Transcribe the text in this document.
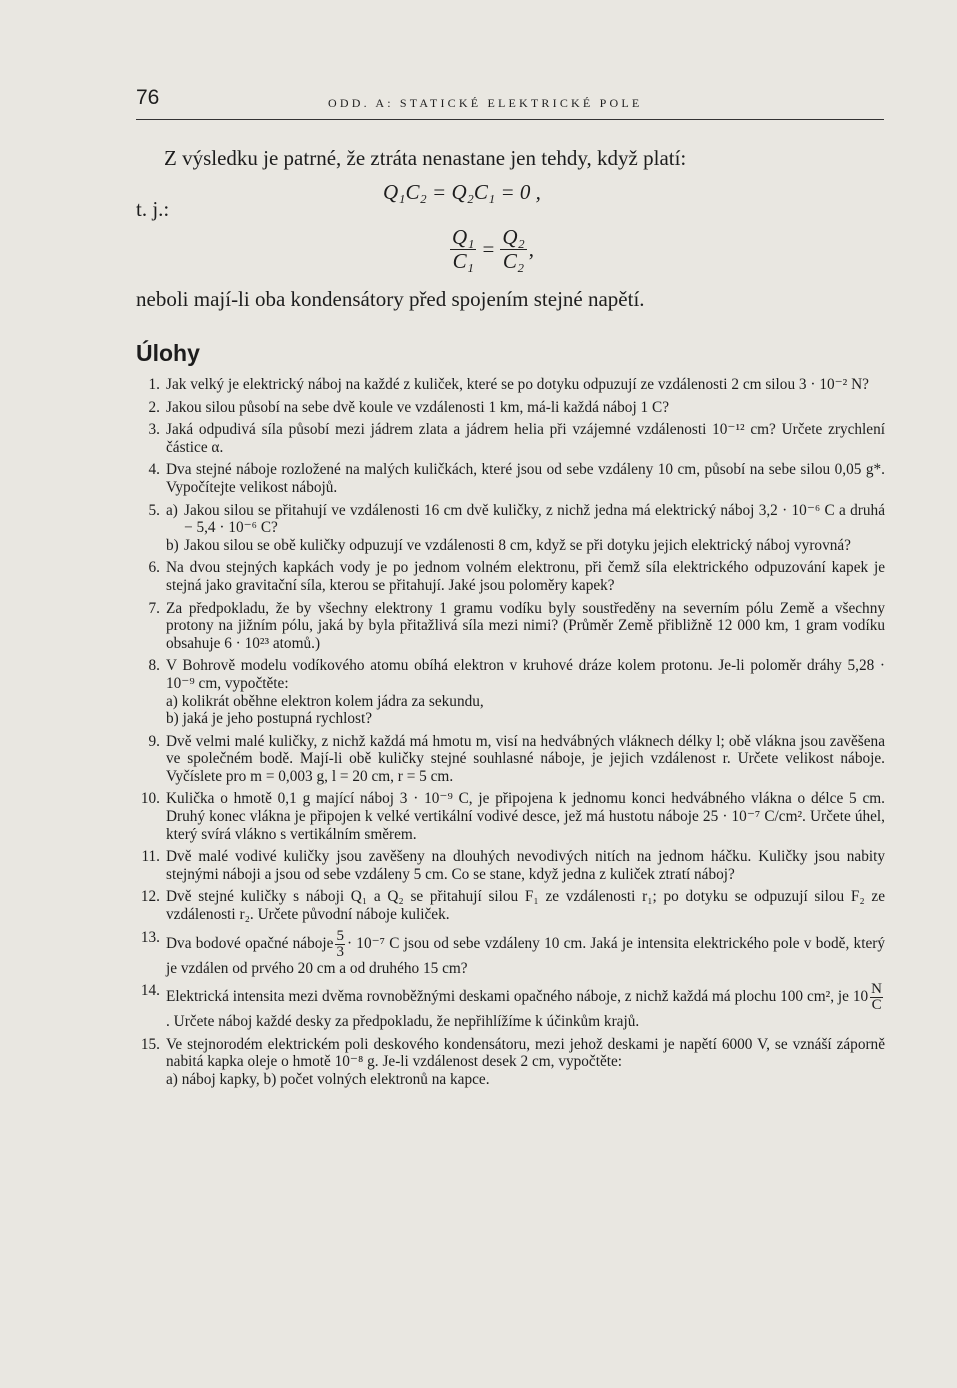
76	ODD. A: STATICKÉ ELEKTRICKÉ POLE
Z výsledku je patrné, že ztráta nenastane jen tehdy, když platí:
Q₁C₂ = Q₂C₁ = 0 ,
t. j.:
$\frac{\text{Q₁}}{\text{C₁}} = \frac{\text{Q₂}}{\text{C₂}}$ ,
neboli mají-li oba kondensátory před spojením stejné napětí.
Úlohy
1. Jak velký je elektrický náboj na každé z kuliček, které se po dotyku odpuzují ze vzdálenosti 2 cm silou 3 · 10⁻² N?
2. Jakou silou působí na sebe dvě koule ve vzdálenosti 1 km, má-li každá náboj 1 C?
3. Jaká odpudivá síla působí mezi jádrem zlata a jádrem helia při vzájemné vzdálenosti 10⁻¹² cm? Určete zrychlení částice α.
4. Dva stejné náboje rozložené na malých kuličkách, které jsou od sebe vzdáleny 10 cm, působí na sebe silou 0,05 g*. Vypočítejte velikost nábojů.
5. a) Jakou silou se přitahují ve vzdálenosti 16 cm dvě kuličky, z nichž jedna má elektrický náboj 3,2 · 10⁻⁶ C a druhá − 5,4 · 10⁻⁶ C?
b) Jakou silou se obě kuličky odpuzují ve vzdálenosti 8 cm, když se při dotyku jejich elektrický náboj vyrovná?
6. Na dvou stejných kapkách vody je po jednom volném elektronu, při čemž síla elektrického odpuzování kapek je stejná jako gravitační síla, kterou se přitahují. Jaké jsou poloměry kapek?
7. Za předpokladu, že by všechny elektrony 1 gramu vodíku byly soustředěny na severním pólu Země a všechny protony na jižním pólu, jaká by byla přitažlivá síla mezi nimi? (Průměr Země přibližně 12 000 km, 1 gram vodíku obsahuje 6 · 10²³ atomů.)
8. V Bohrově modelu vodíkového atomu obíhá elektron v kruhové dráze kolem protonu. Je-li poloměr dráhy 5,28 · 10⁻⁹ cm, vypočtěte:
a) kolikrát oběhne elektron kolem jádra za sekundu,
b) jaká je jeho postupná rychlost?
9. Dvě velmi malé kuličky, z nichž každá má hmotu m, visí na hedvábných vláknech délky l; obě vlákna jsou zavěšena ve společném bodě. Mají-li obě kuličky stejné souhlasné náboje, je jejich vzdálenost r. Určete velikost náboje. Vyčíslete pro m = 0,003 g, l = 20 cm, r = 5 cm.
10. Kulička o hmotě 0,1 g mající náboj 3 · 10⁻⁹ C, je připojena k jednomu konci hedvábného vlákna o délce 5 cm. Druhý konec vlákna je připojen k velké vertikální vodivé desce, jež má hustotu náboje 25 · 10⁻⁷ C/cm². Určete úhel, který svírá vlákno s vertikálním směrem.
11. Dvě malé vodivé kuličky jsou zavěšeny na dlouhých nevodivých nitích na jednom háčku. Kuličky jsou nabity stejnými náboji a jsou od sebe vzdáleny 5 cm. Co se stane, když jedna z kuliček ztratí náboj?
12. Dvě stejné kuličky s náboji Q₁ a Q₂ se přitahují silou F₁ ze vzdálenosti r₁; po dotyku se odpuzují silou F₂ ze vzdálenosti r₂. Určete původní náboje kuliček.
13. Dva bodové opačné náboje $\frac{5}{3} \cdot 10^{-7}$ C jsou od sebe vzdáleny 10 cm. Jaká je intensita elektrického pole v bodě, který je vzdálen od prvého 20 cm a od druhého 15 cm?
14. Elektrická intensita mezi dvěma rovnoběžnými deskami opačného náboje, z nichž každá má plochu 100 cm², je $10 \frac{N}{C}$
. Určete náboj každé desky za předpokladu, že nepřihlížíme k účinkům krajů.
15. Ve stejnorodém elektrickém poli deskového kondensátoru, mezi jehož deskami je napětí 6000 V, se vznáší záporně nabitá kapka oleje o hmotě 10⁻⁸ g. Je-li vzdálenost desek 2 cm, vypočtěte:
a) náboj kapky, b) počet volných elektronů na kapce.
